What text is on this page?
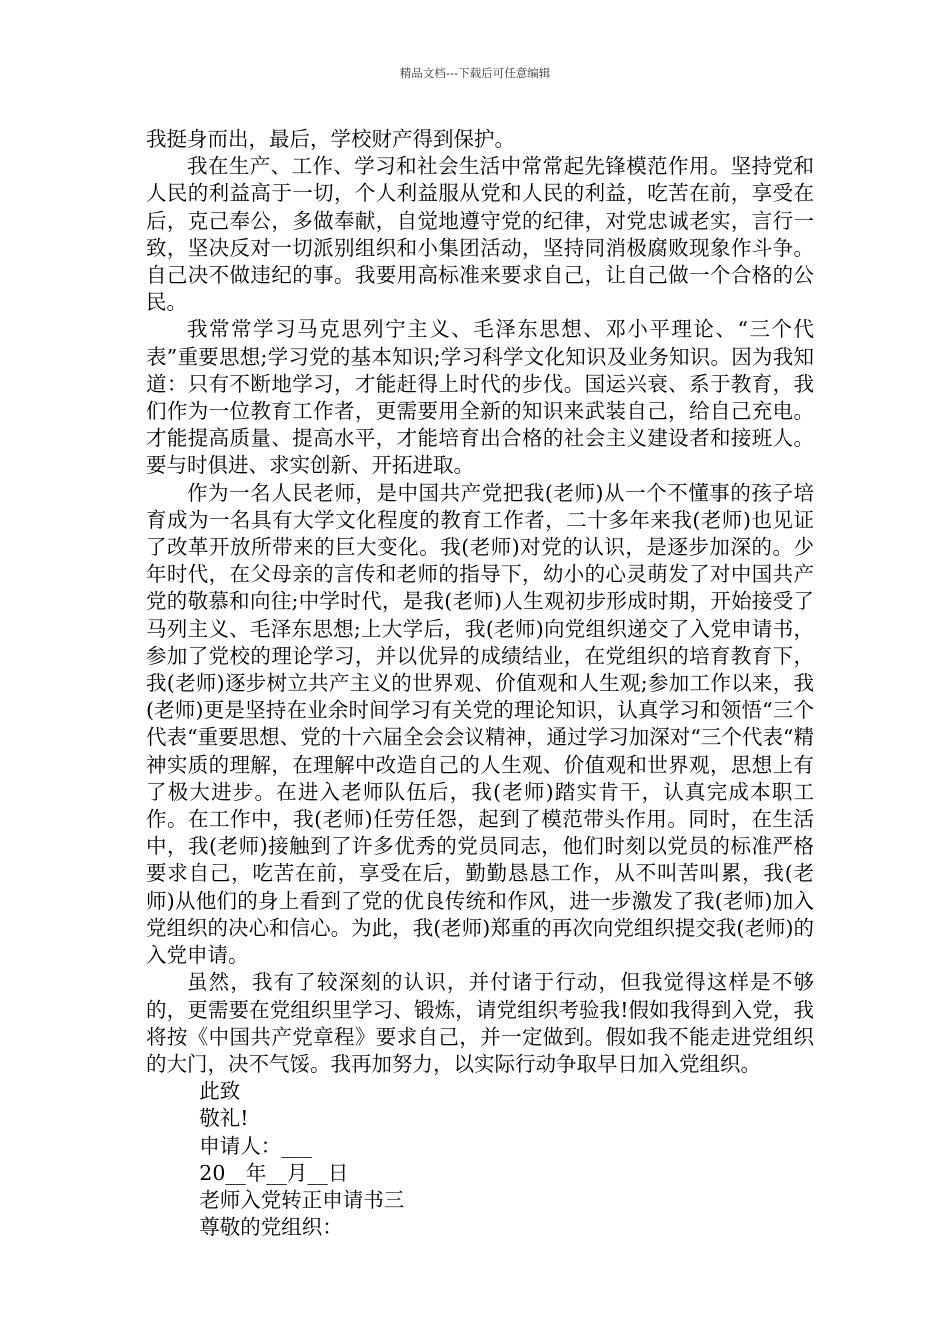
精品文档---下载后可任意编辑

我挺身而出，最后，学校财产得到保护。

我在生产、工作、学习和社会生活中常常起先锋模范作用。坚持党和人民的利益高于一切，个人利益服从党和人民的利益，吃苦在前，享受在后，克己奉公，多做奉献，自觉地遵守党的纪律，对党忠诚老实，言行一致，坚决反对一切派别组织和小集团活动，坚持同消极腐败现象作斗争。自己决不做违纪的事。我要用高标准来要求自己，让自己做一个合格的公民。

我常常学习马克思列宁主义、毛泽东思想、邓小平理论、“三个代表”重要思想;学习党的基本知识;学习科学文化知识及业务知识。因为我知道：只有不断地学习，才能赶得上时代的步伐。国运兴衰、系于教育，我们作为一位教育工作者，更需要用全新的知识来武装自己，给自己充电。才能提高质量、提高水平，才能培育出合格的社会主义建设者和接班人。要与时俱进、求实创新、开拓进取。

作为一名人民老师，是中国共产党把我(老师)从一个不懂事的孩子培育成为一名具有大学文化程度的教育工作者，二十多年来我(老师)也见证了改革开放所带来的巨大变化。我(老师)对党的认识，是逐步加深的。少年时代，在父母亲的言传和老师的指导下，幼小的心灵萌发了对中国共产党的敬慕和向往;中学时代，是我(老师)人生观初步形成时期，开始接受了马列主义、毛泽东思想;上大学后，我(老师)向党组织递交了入党申请书，参加了党校的理论学习，并以优异的成绩结业，在党组织的培育教育下，我(老师)逐步树立共产主义的世界观、价值观和人生观;参加工作以来，我(老师)更是坚持在业余时间学习有关党的理论知识，认真学习和领悟“三个代表“重要思想、党的十六届全会会议精神，通过学习加深对“三个代表“精神实质的理解，在理解中改造自己的人生观、价值观和世界观，思想上有了极大进步。在进入老师队伍后，我(老师)踏实肯干，认真完成本职工作。在工作中，我(老师)任劳任怨，起到了模范带头作用。同时，在生活中，我(老师)接触到了许多优秀的党员同志，他们时刻以党员的标准严格要求自己，吃苦在前，享受在后，勤勤恳恳工作，从不叫苦叫累，我(老师)从他们的身上看到了党的优良传统和作风，进一步激发了我(老师)加入党组织的决心和信心。为此，我(老师)郑重的再次向党组织提交我(老师)的入党申请。

虽然，我有了较深刻的认识，并付诸于行动，但我觉得这样是不够的，更需要在党组织里学习、锻炼，请党组织考验我!假如我得到入党，我将按《中国共产党章程》要求自己，并一定做到。假如我不能走进党组织的大门，决不气馁。我再加努力，以实际行动争取早日加入党组织。

此致

敬礼!

申请人：___

20__年__月__日

老师入党转正申请书三

尊敬的党组织：
